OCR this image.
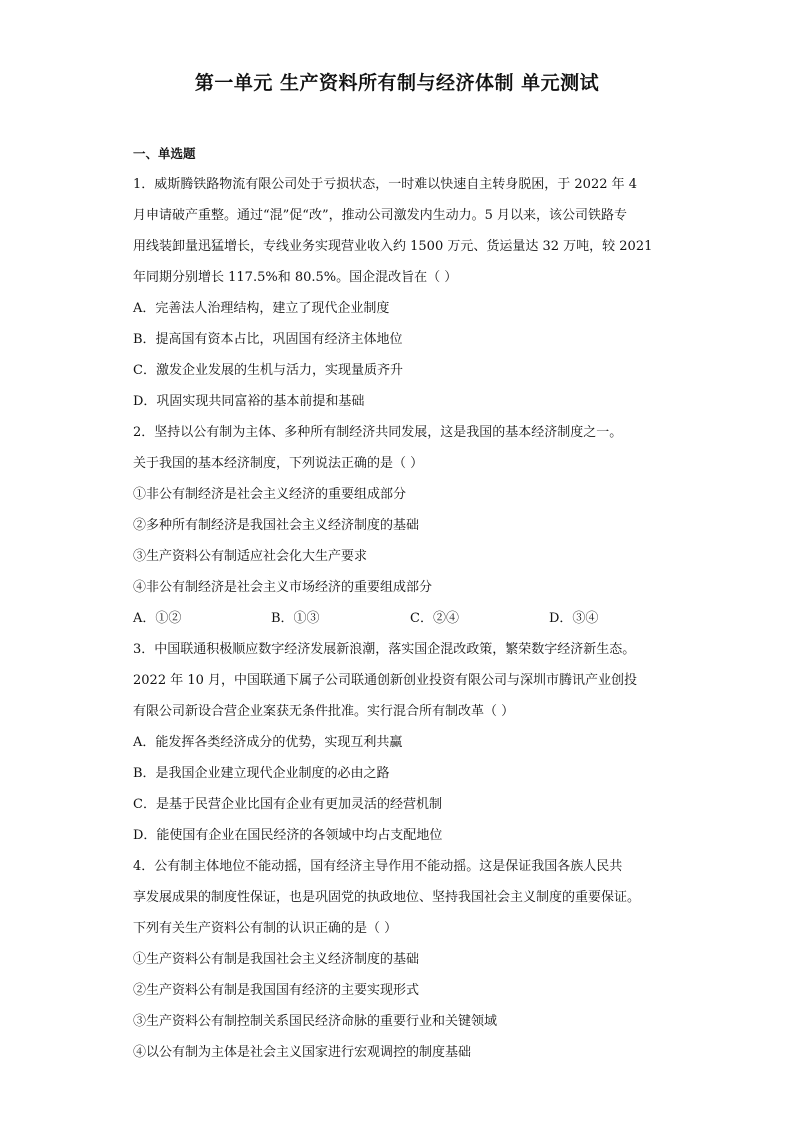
第一单元 生产资料所有制与经济体制 单元测试
一、单选题
1．威斯腾铁路物流有限公司处于亏损状态，一时难以快速自主转身脱困，于 2022 年 4
月申请破产重整。通过“混”促“改”，推动公司激发内生动力。5 月以来，该公司铁路专
用线装卸量迅猛增长，专线业务实现营业收入约 1500 万元、货运量达 32 万吨，较 2021
年同期分别增长 117.5%和 80.5%。国企混改旨在（ ）
A．完善法人治理结构，建立了现代企业制度
B．提高国有资本占比，巩固国有经济主体地位
C．激发企业发展的生机与活力，实现量质齐升
D．巩固实现共同富裕的基本前提和基础
2．坚持以公有制为主体、多种所有制经济共同发展，这是我国的基本经济制度之一。
关于我国的基本经济制度，下列说法正确的是（ ）
①非公有制经济是社会主义经济的重要组成部分
②多种所有制经济是我国社会主义经济制度的基础
③生产资料公有制适应社会化大生产要求
④非公有制经济是社会主义市场经济的重要组成部分
A．①②	B．①③	C．②④	D．③④
3．中国联通积极顺应数字经济发展新浪潮，落实国企混改政策，繁荣数字经济新生态。
2022 年 10 月，中国联通下属子公司联通创新创业投资有限公司与深圳市腾讯产业创投
有限公司新设合营企业案获无条件批准。实行混合所有制改革（ ）
A．能发挥各类经济成分的优势，实现互利共赢
B．是我国企业建立现代企业制度的必由之路
C．是基于民营企业比国有企业有更加灵活的经营机制
D．能使国有企业在国民经济的各领域中均占支配地位
4．公有制主体地位不能动摇，国有经济主导作用不能动摇。这是保证我国各族人民共
享发展成果的制度性保证，也是巩固党的执政地位、坚持我国社会主义制度的重要保证。
下列有关生产资料公有制的认识正确的是（ ）
①生产资料公有制是我国社会主义经济制度的基础
②生产资料公有制是我国国有经济的主要实现形式
③生产资料公有制控制关系国民经济命脉的重要行业和关键领域
④以公有制为主体是社会主义国家进行宏观调控的制度基础
